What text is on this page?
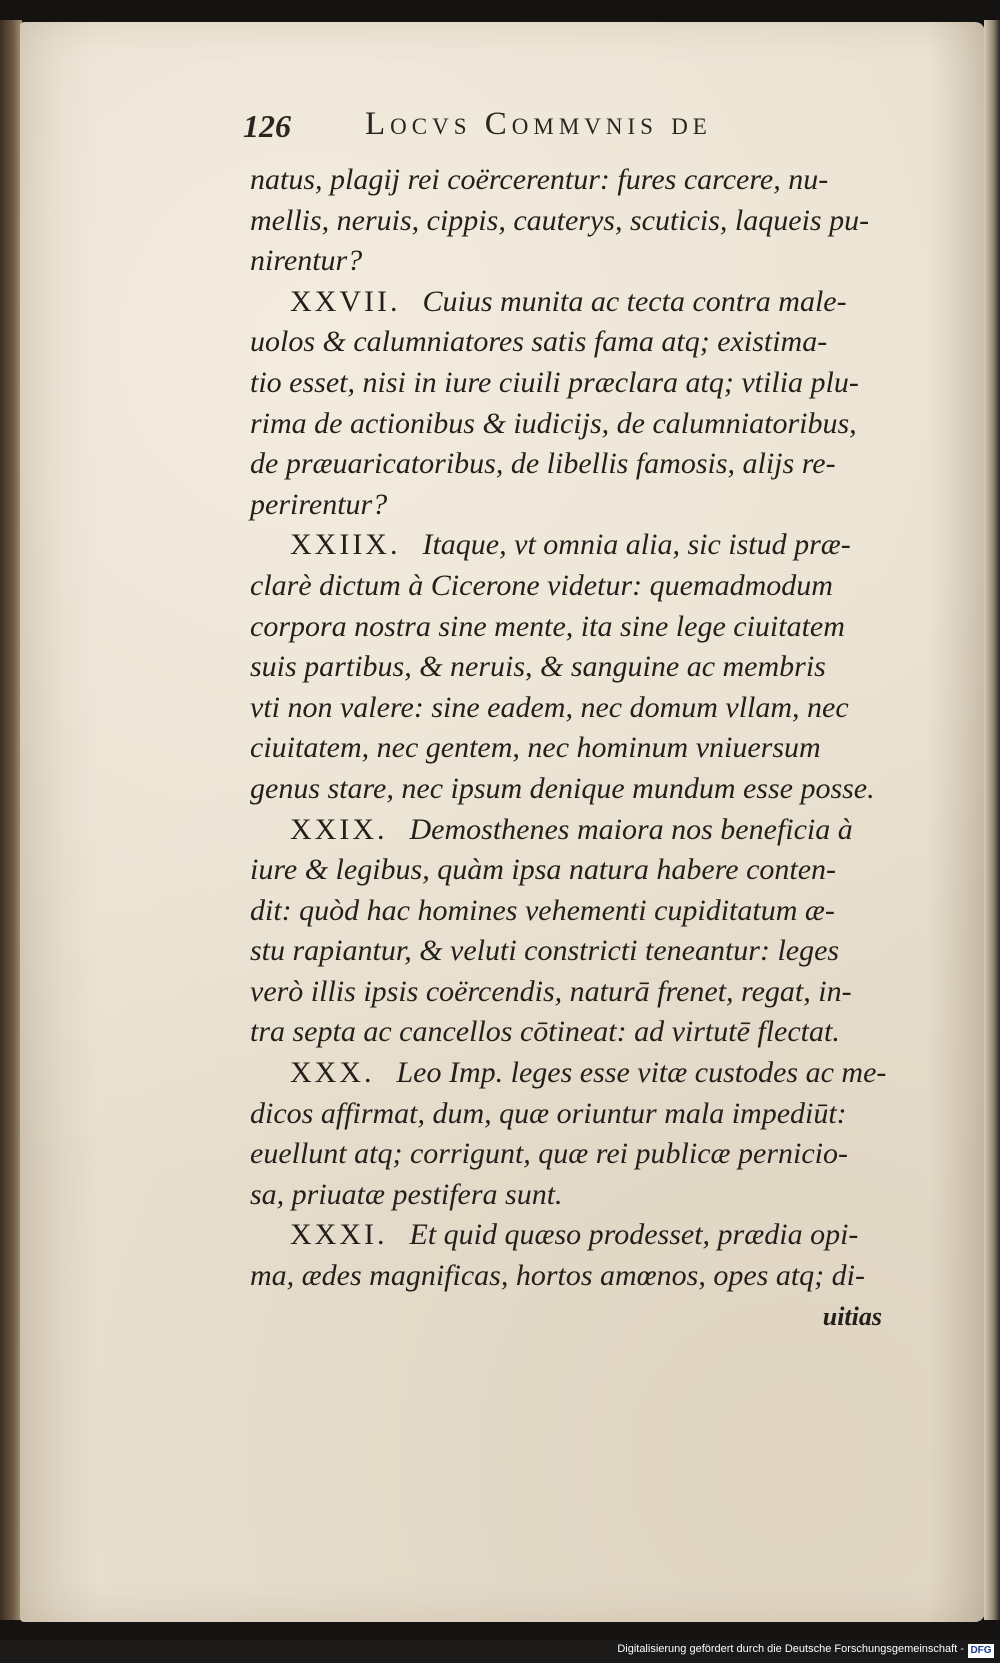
126 Locvs Commvnis de
natus, plagij rei coërcerentur: fures carcere, nu-
mellis, neruis, cippis, cauterys, scuticis, laqueis pu-
nirentur?
XXVII. Cuius munita ac tecta contra male-
uolos & calumniatores satis fama atq; existima-
tio esset, nisi in iure ciuili præclara atq; vtilia plu-
rima de actionibus & iudicijs, de calumniatoribus,
de præuaricatoribus, de libellis famosis, alijs re-
perirentur?
XXIIX. Itaque, vt omnia alia, sic istud præ-
clarè dictum à Cicerone videtur: quemadmodum
corpora nostra sine mente, ita sine lege ciuitatem
suis partibus, & neruis, & sanguine ac membris
vti non valere: sine eadem, nec domum vllam, nec
ciuitatem, nec gentem, nec hominum vniuersum
genus stare, nec ipsum denique mundum esse posse.
XXIX. Demosthenes maiora nos beneficia à
iure & legibus, quàm ipsa natura habere conten-
dit: quòd hac homines vehementi cupiditatum æ-
stu rapiantur, & veluti constricti teneantur: leges
verò illis ipsis coërcendis, naturā frenet, regat, in-
tra septa ac cancellos cōtineat: ad virtutē flectat.
XXX. Leo Imp. leges esse vitæ custodes ac me-
dicos affirmat, dum, quæ oriuntur mala impediūt:
euellunt atq; corrigunt, quæ rei publicæ pernicio-
sa, priuatæ pestifera sunt.
XXXI. Et quid quæso prodesset, prædia opi-
ma, ædes magnificas, hortos amœnos, opes atq; di-
uitias
Digitalisierung gefördert durch die Deutsche Forschungsgemeinschaft - DFG
